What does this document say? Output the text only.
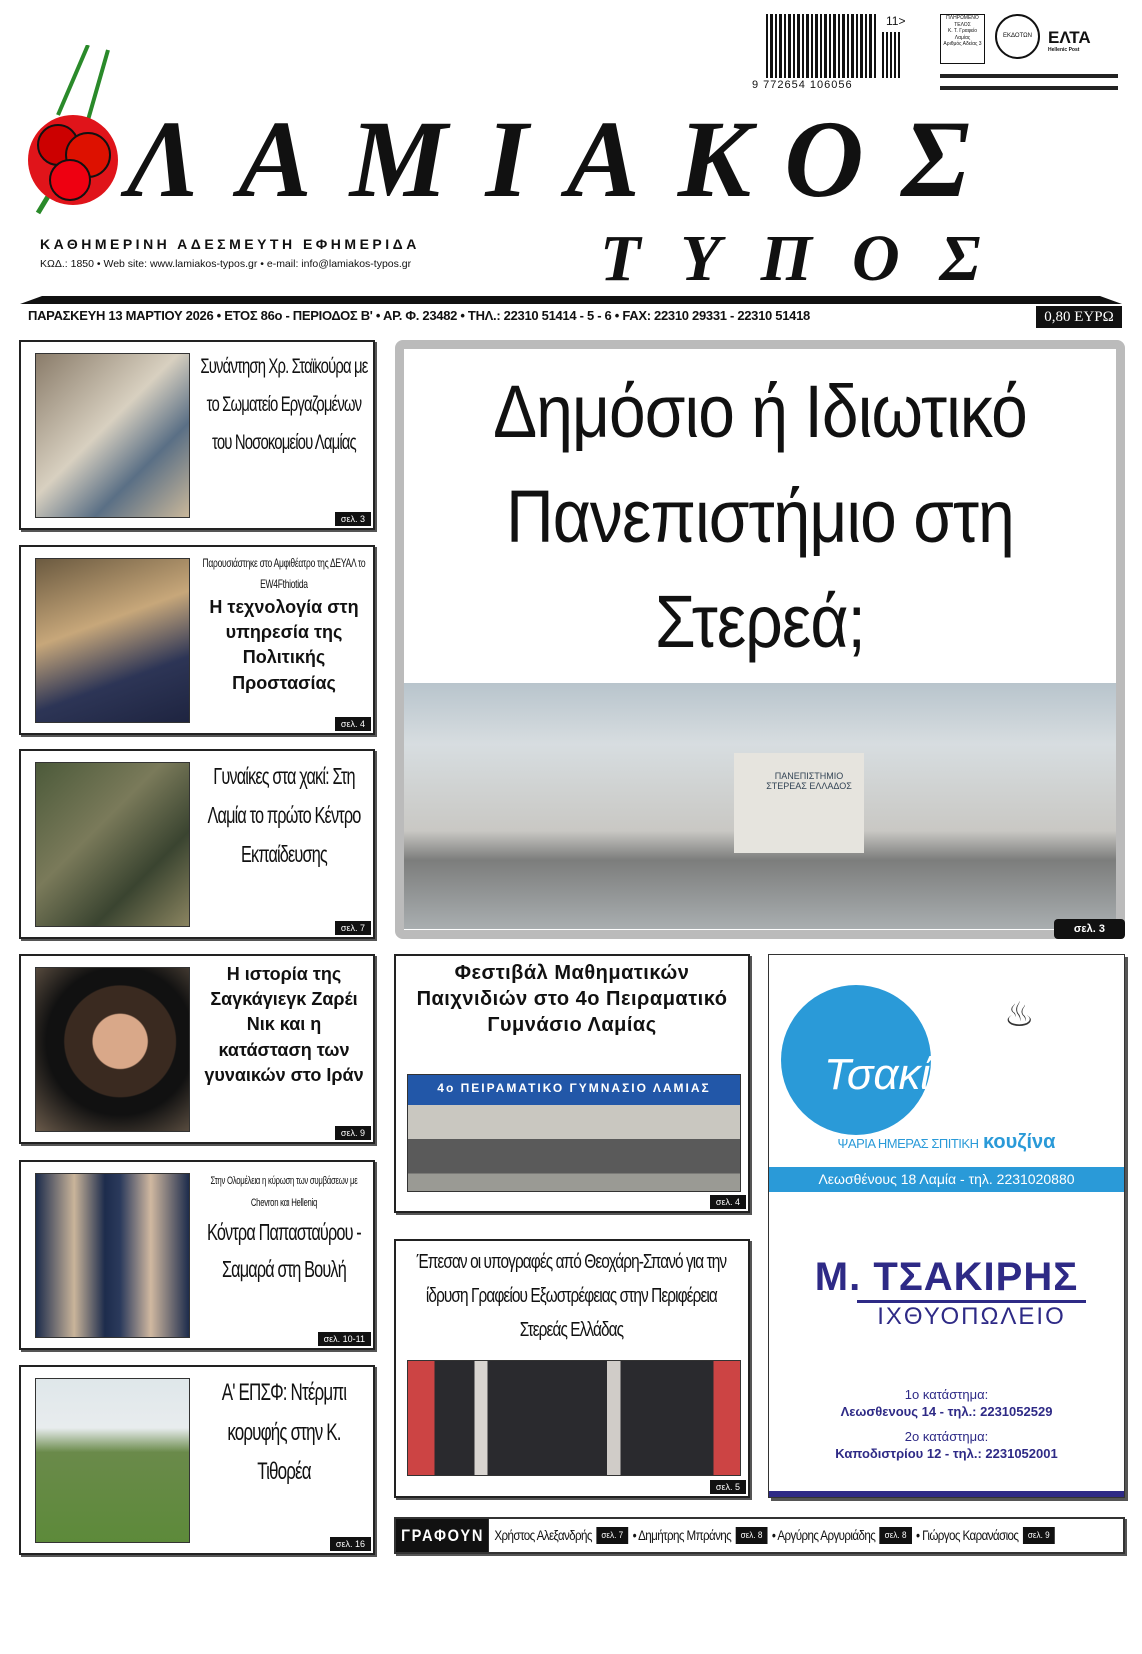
ΛΑΜΙΑΚΟΣ
ΤΥΠΟΣ
ΚΑΘΗΜΕΡΙΝΗ ΑΔΕΣΜΕΥΤΗ ΕΦΗΜΕΡΙΔΑ
ΚΩΔ.: 1850 • Web site: www.lamiakos-typos.gr • e-mail: info@lamiakos-typos.gr
9 772654 106056
11>	ΠΛΗΡΩΜΕΝΟ ΤΕΛΟΣ
Κ. Τ. Γραφείο Λαμίας
Αριθμός Αδείας 3
ΕΚΔΟΤΩΝ ΕΛΤΑ
Hellenic Post
ΠΑΡΑΣΚΕΥΗ 13 ΜΑΡΤΙΟΥ 2026 • ΕΤΟΣ 86ο - ΠΕΡΙΟΔΟΣ Β' • ΑΡ. Φ. 23482 • ΤΗΛ.: 22310 51414 - 5 - 6 • FAX: 22310 29331 - 22310 51418	0,80 ΕΥΡΩ
Συνάντηση Χρ. Σταϊκούρα με το Σωματείο Εργαζομένων του Νοσοκομείου Λαμίας
σελ. 3
Παρουσιάστηκε στο Αμφιθέατρο της ΔΕΥΑΛ το EW4Fthiotida
Η τεχνολογία στη υπηρεσία της Πολιτικής Προστασίας
σελ. 4
Γυναίκες στα χακί: Στη Λαμία το πρώτο Κέντρο Εκπαίδευσης
σελ. 7
Η ιστορία της Σαγκάγιεγκ Ζαρέι Νικ και η κατάσταση των γυναικών στο Ιράν
σελ. 9
Στην Ολομέλεια η κύρωση των συμβάσεων με Chevron και Helleniq
Κόντρα Παπασταύρου - Σαμαρά στη Βουλή
σελ. 10-11
Α' ΕΠΣΦ: Ντέρμπι κορυφής στην Κ. Τιθορέα
σελ. 16
Δημόσιο ή Ιδιωτικό Πανεπιστήμιο στη Στερεά;
ΠΑΝΕΠΙΣΤΗΜΙΟ ΣΤΕΡΕΑΣ ΕΛΛΑΔΟΣ
σελ. 3
Φεστιβάλ Μαθηματικών Παιχνιδιών στο 4ο Πειραματικό Γυμνάσιο Λαμίας
4ο ΠΕΙΡΑΜΑΤΙΚΟ ΓΥΜΝΑΣΙΟ ΛΑΜΙΑΣ
σελ. 4
Έπεσαν οι υπογραφές από Θεοχάρη-Σπανό για την ίδρυση Γραφείου Εξωστρέφειας στην Περιφέρεια Στερεάς Ελλάδας
σελ. 5
Τσακίρης
♨
ΨΑΡΙΑ ΗΜΕΡΑΣ ΣΠΙΤΙΚΗ κουζίνα
Λεωσθένους 18 Λαμία - τηλ. 2231020880
Μ. ΤΣΑΚΙΡΗΣ
ΙΧΘΥΟΠΩΛΕΙΟ
1ο κατάστημα:
Λεωσθενους 14 - τηλ.: 2231052529
2ο κατάστημα:
Καποδιστρίου 12 - τηλ.: 2231052001
ΓΡΑΦΟΥΝ Χρήστος Αλεξανδρής σελ. 7 • Δημήτρης Μπράνης σελ. 8 • Αργύρης Αργυριάδης σελ. 8 • Γιώργος Καρανάσιος σελ. 9
